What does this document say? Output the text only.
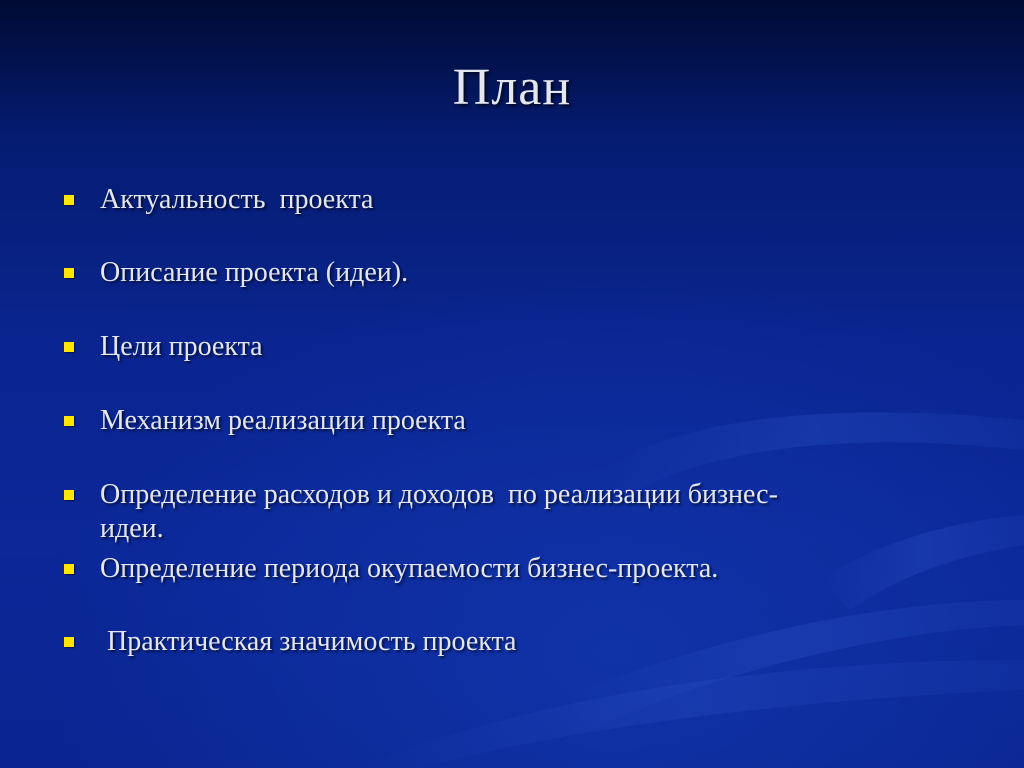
План
Актуальность  проекта
Описание проекта (идеи).
Цели проекта
Механизм реализации проекта
Определение расходов и доходов  по реализации бизнес-
идеи.
Определение периода окупаемости бизнес-проекта.
Практическая значимость проекта
